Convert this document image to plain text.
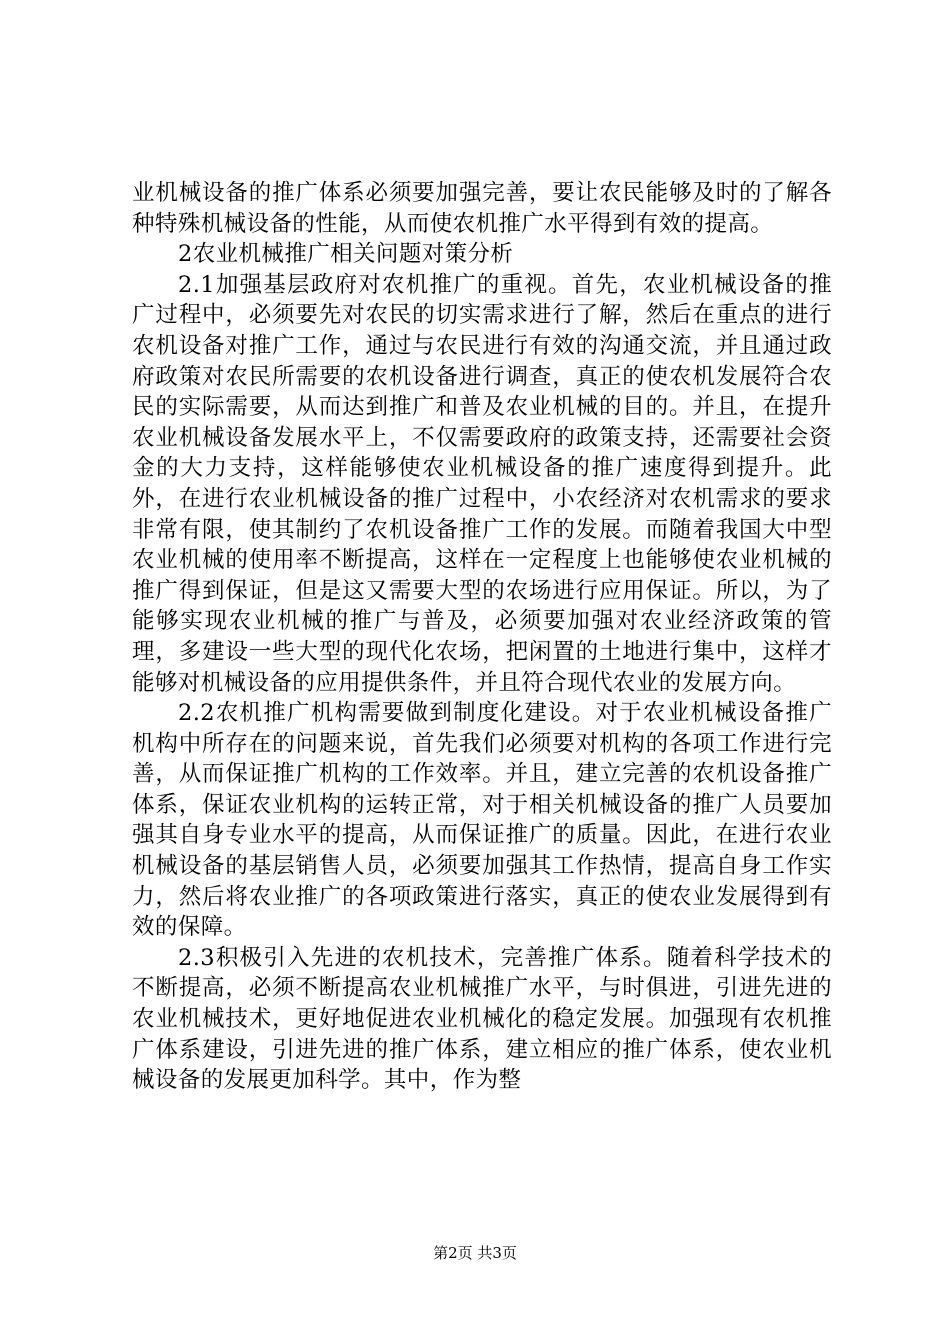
业机械设备的推广体系必须要加强完善，要让农民能够及时的了解各种特殊机械设备的性能，从而使农机推广水平得到有效的提高。

2农业机械推广相关问题对策分析

2.1加强基层政府对农机推广的重视。首先，农业机械设备的推广过程中，必须要先对农民的切实需求进行了解，然后在重点的进行农机设备对推广工作，通过与农民进行有效的沟通交流，并且通过政府政策对农民所需要的农机设备进行调查，真正的使农机发展符合农民的实际需要，从而达到推广和普及农业机械的目的。并且，在提升农业机械设备发展水平上，不仅需要政府的政策支持，还需要社会资金的大力支持，这样能够使农业机械设备的推广速度得到提升。此外，在进行农业机械设备的推广过程中，小农经济对农机需求的要求非常有限，使其制约了农机设备推广工作的发展。而随着我国大中型农业机械的使用率不断提高，这样在一定程度上也能够使农业机械的推广得到保证，但是这又需要大型的农场进行应用保证。所以，为了能够实现农业机械的推广与普及，必须要加强对农业经济政策的管理，多建设一些大型的现代化农场，把闲置的土地进行集中，这样才能够对机械设备的应用提供条件，并且符合现代农业的发展方向。

2.2农机推广机构需要做到制度化建设。对于农业机械设备推广机构中所存在的问题来说，首先我们必须要对机构的各项工作进行完善，从而保证推广机构的工作效率。并且，建立完善的农机设备推广体系，保证农业机构的运转正常，对于相关机械设备的推广人员要加强其自身专业水平的提高，从而保证推广的质量。因此，在进行农业机械设备的基层销售人员，必须要加强其工作热情，提高自身工作实力，然后将农业推广的各项政策进行落实，真正的使农业发展得到有效的保障。

2.3积极引入先进的农机技术，完善推广体系。随着科学技术的不断提高，必须不断提高农业机械推广水平，与时俱进，引进先进的农业机械技术，更好地促进农业机械化的稳定发展。加强现有农机推广体系建设，引进先进的推广体系，建立相应的推广体系，使农业机械设备的发展更加科学。其中，作为整

第2页 共3页
